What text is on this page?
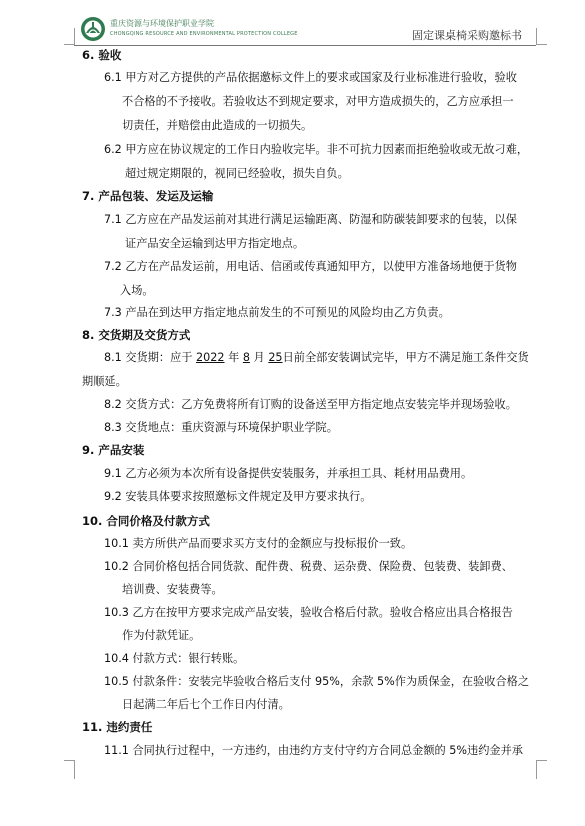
重庆资源与环境保护职业学院
CHONGQING RESOURCE AND ENVIRONMENTAL PROTECTION COLLEGE	固定课桌椅采购邀标书
6. 验收
6.1 甲方对乙方提供的产品依据邀标文件上的要求或国家及行业标准进行验收，验收
不合格的不予接收。若验收达不到规定要求，对甲方造成损失的，乙方应承担一
切责任，并赔偿由此造成的一切损失。
6.2 甲方应在协议规定的工作日内验收完毕。非不可抗力因素而拒绝验收或无故刁难，
超过规定期限的，视同已经验收，损失自负。
7. 产品包装、发运及运输
7.1 乙方应在产品发运前对其进行满足运输距离、防湿和防碳装卸要求的包装，以保
证产品安全运输到达甲方指定地点。
7.2 乙方在产品发运前，用电话、信函或传真通知甲方，以使甲方准备场地便于货物
入场。
7.3 产品在到达甲方指定地点前发生的不可预见的风险均由乙方负责。
8. 交货期及交货方式
8.1 交货期：应于 2022 年 8 月 25日前全部安装调试完毕，甲方不满足施工条件交货
期顺延。
8.2 交货方式：乙方免费将所有订购的设备送至甲方指定地点安装完毕并现场验收。
8.3 交货地点：重庆资源与环境保护职业学院。
9. 产品安装
9.1 乙方必须为本次所有设备提供安装服务，并承担工具、耗材用品费用。
9.2 安装具体要求按照邀标文件规定及甲方要求执行。
10. 合同价格及付款方式
10.1 卖方所供产品而要求买方支付的金额应与投标报价一致。
10.2 合同价格包括合同货款、配件费、税费、运杂费、保险费、包装费、装卸费、
培训费、安装费等。
10.3 乙方在按甲方要求完成产品安装，验收合格后付款。验收合格应出具合格报告
作为付款凭证。
10.4 付款方式：银行转账。
10.5 付款条件：安装完毕验收合格后支付 95%，余款 5%作为质保金，在验收合格之
日起满二年后七个工作日内付清。
11. 违约责任
11.1 合同执行过程中，一方违约，由违约方支付守约方合同总金额的 5%违约金并承
